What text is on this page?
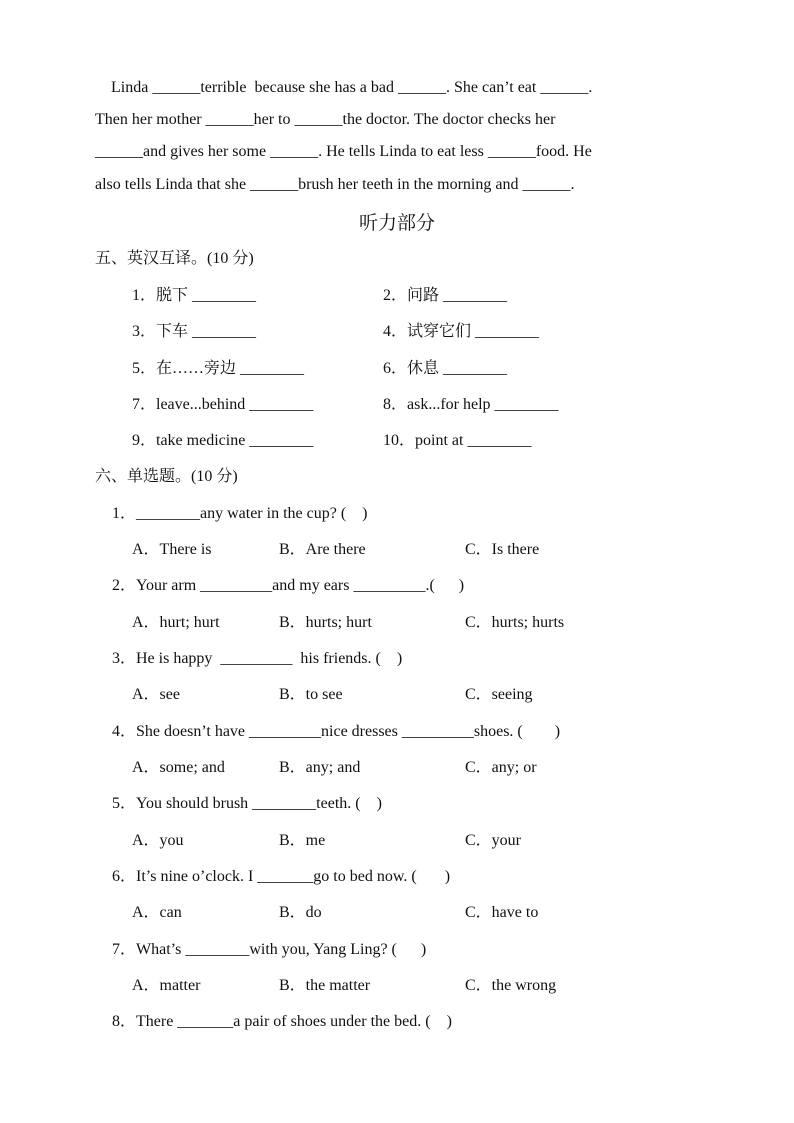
Linda ______terrible  because she has a bad ______. She can’t eat ______.
Then her mother ______her to ______the doctor. The doctor checks her
______and gives her some ______. He tells Linda to eat less ______food. He
also tells Linda that she ______brush her teeth in the morning and ______.
听力部分
五、英汉互译。(10 分)
1．脱下 ________	2．问路 ________
3．下车 ________	4．试穿它们 ________
5．在……旁边 ________	6．休息 ________
7．leave...behind ________	8．ask...for help ________
9．take medicine ________	10．point at ________
六、单选题。(10 分)
1．________any water in the cup? (    )
A．There is	B．Are there	C．Is there
2．Your arm _________and my ears _________.(      )
A．hurt; hurt	B．hurts; hurt	C．hurts; hurts
3．He is happy  _________  his friends. (    )
A．see	B．to see	C．seeing
4．She doesn’t have _________nice dresses _________shoes. (        )
A．some; and	B．any; and	C．any; or
5．You should brush ________teeth. (    )
A．you	B．me	C．your
6．It’s nine o’clock. I _______go to bed now. (       )
A．can	B．do	C．have to
7．What’s ________with you, Yang Ling? (      )
A．matter	B．the matter	C．the wrong
8．There _______a pair of shoes under the bed. (    )
